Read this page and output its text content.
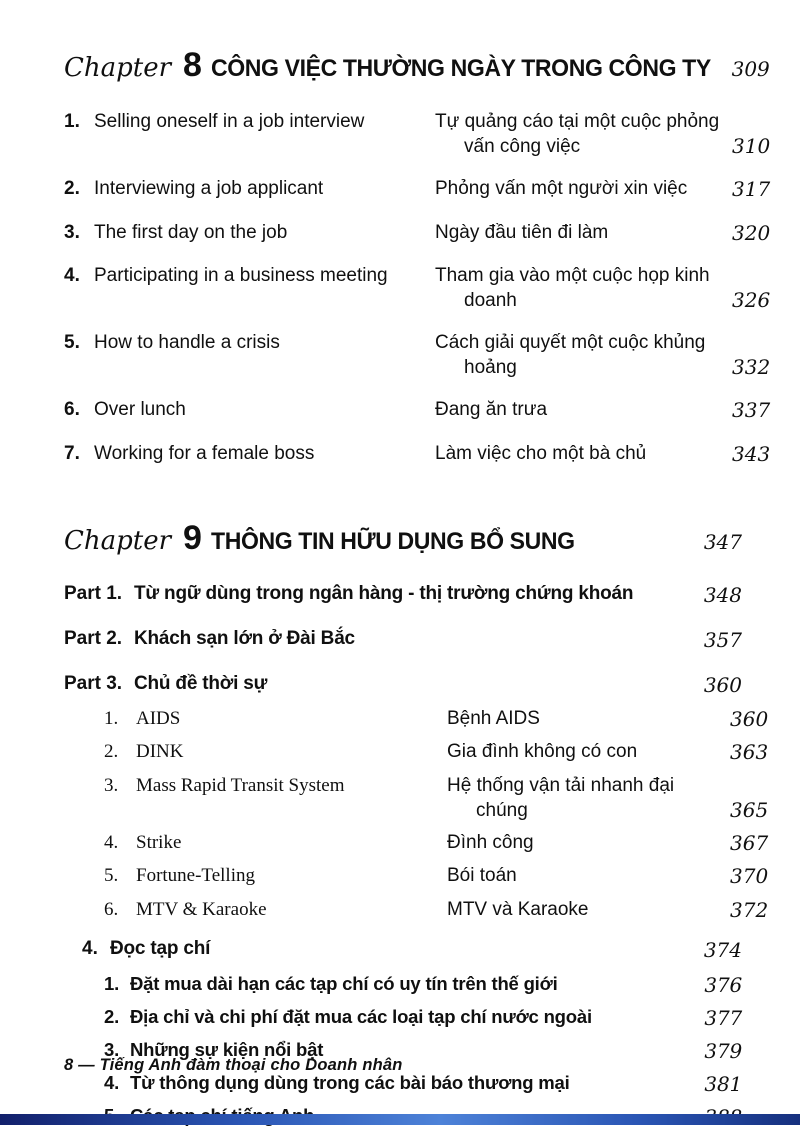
Chapter 8 CÔNG VIỆC THƯỜNG NGÀY TRONG CÔNG TY 309
1. Selling oneself in a job interview	Tự quảng cáo tại một cuộc phỏng vấn công việc	310
2. Interviewing a job applicant	Phỏng vấn một người xin việc	317
3. The first day on the job	Ngày đầu tiên đi làm	320
4. Participating in a business meeting	Tham gia vào một cuộc họp kinh doanh	326
5. How to handle a crisis	Cách giải quyết một cuộc khủng hoảng	332
6. Over lunch	Đang ăn trưa	337
7. Working for a female boss	Làm việc cho một bà chủ	343
Chapter 9 THÔNG TIN HỮU DỤNG BỔ SUNG	347
Part 1. Từ ngữ dùng trong ngân hàng - thị trường chứng khoán	348
Part 2. Khách sạn lớn ở Đài Bắc	357
Part 3. Chủ đề thời sự	360
1. AIDS	Bệnh AIDS	360
2. DINK	Gia đình không có con	363
3. Mass Rapid Transit System	Hệ thống vận tải nhanh đại chúng	365
4. Strike	Đình công	367
5. Fortune-Telling	Bói toán	370
6. MTV & Karaoke	MTV và Karaoke	372
4. Đọc tạp chí	374
1. Đặt mua dài hạn các tạp chí có uy tín trên thế giới	376
2. Địa chỉ và chi phí đặt mua các loại tạp chí nước ngoài	377
3. Những sự kiện nổi bật	379
4. Từ thông dụng dùng trong các bài báo thương mại	381
8 — Tiếng Anh đàm thoại cho Doanh nhân
